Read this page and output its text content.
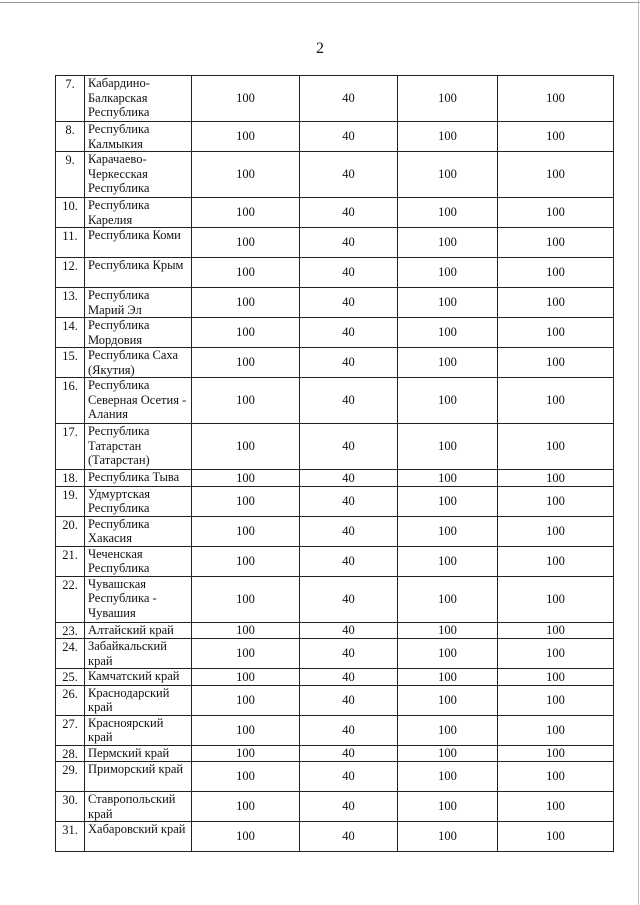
2
7.	Кабардино-Балкарская Республика	100	40	100	100
8.	Республика Калмыкия	100	40	100	100
9.	Карачаево-Черкесская Республика	100	40	100	100
10.	Республика Карелия	100	40	100	100
11.	Республика Коми	100	40	100	100
12.	Республика Крым	100	40	100	100
13.	Республика Марий Эл	100	40	100	100
14.	Республика Мордовия	100	40	100	100
15.	Республика Саха (Якутия)	100	40	100	100
16.	Республика Северная Осетия - Алания	100	40	100	100
17.	Республика Татарстан (Татарстан)	100	40	100	100
18.	Республика Тыва	100	40	100	100
19.	Удмуртская Республика	100	40	100	100
20.	Республика Хакасия	100	40	100	100
21.	Чеченская Республика	100	40	100	100
22.	Чувашская Республика - Чувашия	100	40	100	100
23.	Алтайский край	100	40	100	100
24.	Забайкальский край	100	40	100	100
25.	Камчатский край	100	40	100	100
26.	Краснодарский край	100	40	100	100
27.	Красноярский край	100	40	100	100
28.	Пермский край	100	40	100	100
29.	Приморский край	100	40	100	100
30.	Ставропольский край	100	40	100	100
31.	Хабаровский край	100	40	100	100
